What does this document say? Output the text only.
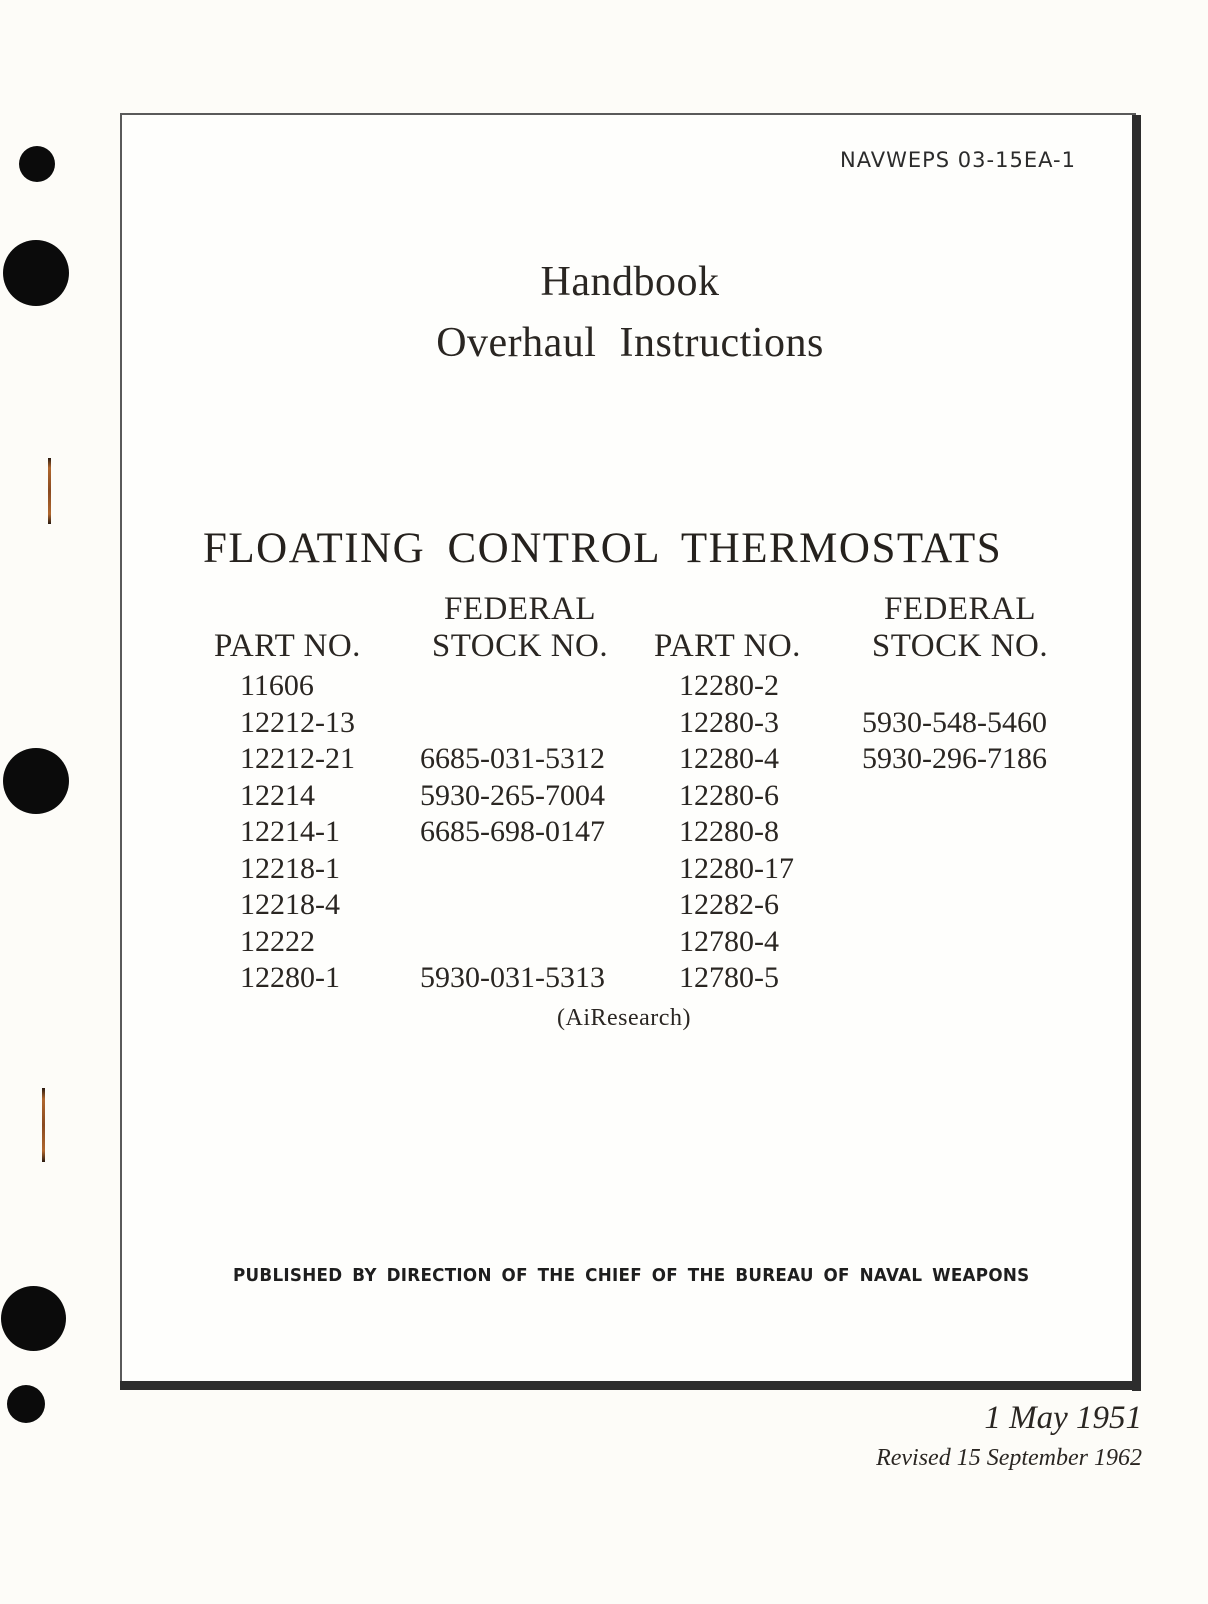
NAVWEPS 03-15EA-1
Handbook
Overhaul Instructions
FLOATING CONTROL THERMOSTATS
PART NO.
FEDERAL
STOCK NO.	PART NO.
FEDERAL
STOCK NO.
11606
12212-13
12212-21
12214
12214-1
12218-1
12218-4
12222
12280-1
6685-031-5312
5930-265-7004
6685-698-0147
5930-031-5313
12280-2
12280-3
12280-4
12280-6
12280-8
12280-17
12282-6
12780-4
12780-5
5930-548-5460
5930-296-7186
(AiResearch)
PUBLISHED BY DIRECTION OF THE CHIEF OF THE BUREAU OF NAVAL WEAPONS
1 May 1951
Revised 15 September 1962
